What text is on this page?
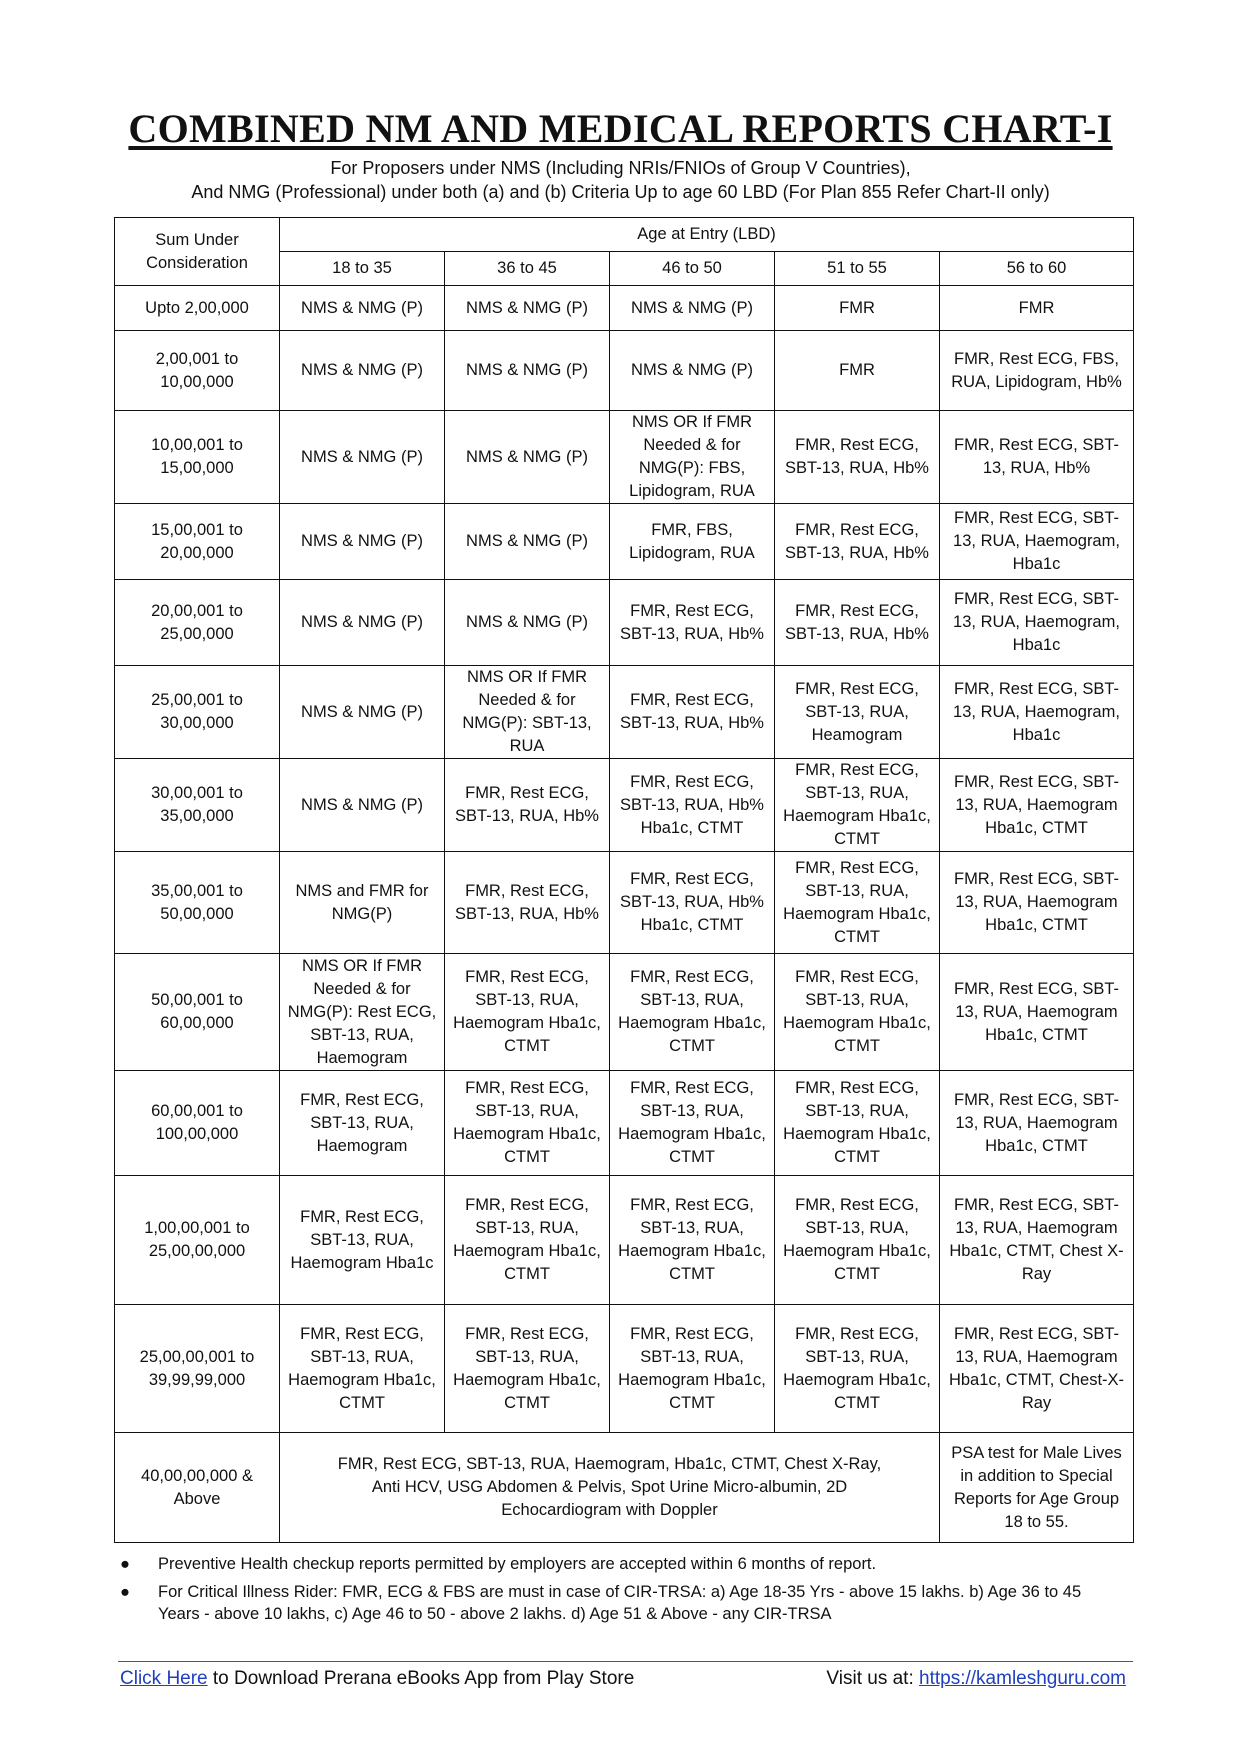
COMBINED NM AND MEDICAL REPORTS CHART-I
For Proposers under NMS (Including NRIs/FNIOs of Group V Countries),
And NMG (Professional) under both (a) and (b) Criteria Up to age 60 LBD (For Plan 855 Refer Chart-II only)
Sum Under Consideration	Age at Entry (LBD)				
	18 to 35	36 to 45	46 to 50	51 to 55	56 to 60
Upto 2,00,000	NMS & NMG (P)	NMS & NMG (P)	NMS & NMG (P)	FMR	FMR
2,00,001 to 10,00,000	NMS & NMG (P)	NMS & NMG (P)	NMS & NMG (P)	FMR	FMR, Rest ECG, FBS, RUA, Lipidogram, Hb%
10,00,001 to 15,00,000	NMS & NMG (P)	NMS & NMG (P)	NMS OR If FMR Needed & for NMG(P): FBS, Lipidogram, RUA	FMR, Rest ECG, SBT-13, RUA, Hb%	FMR, Rest ECG, SBT-13, RUA, Hb%
15,00,001 to 20,00,000	NMS & NMG (P)	NMS & NMG (P)	FMR, FBS, Lipidogram, RUA	FMR, Rest ECG, SBT-13, RUA, Hb%	FMR, Rest ECG, SBT-13, RUA, Haemogram, Hba1c
20,00,001 to 25,00,000	NMS & NMG (P)	NMS & NMG (P)	FMR, Rest ECG, SBT-13, RUA, Hb%	FMR, Rest ECG, SBT-13, RUA, Hb%	FMR, Rest ECG, SBT-13, RUA, Haemogram, Hba1c
25,00,001 to 30,00,000	NMS & NMG (P)	NMS OR If FMR Needed & for NMG(P): SBT-13, RUA	FMR, Rest ECG, SBT-13, RUA, Hb%	FMR, Rest ECG, SBT-13, RUA, Heamogram	FMR, Rest ECG, SBT-13, RUA, Haemogram, Hba1c
30,00,001 to 35,00,000	NMS & NMG (P)	FMR, Rest ECG, SBT-13, RUA, Hb%	FMR, Rest ECG, SBT-13, RUA, Hb% Hba1c, CTMT	FMR, Rest ECG, SBT-13, RUA, Haemogram Hba1c, CTMT	FMR, Rest ECG, SBT-13, RUA, Haemogram Hba1c, CTMT
35,00,001 to 50,00,000	NMS and FMR for NMG(P)	FMR, Rest ECG, SBT-13, RUA, Hb%	FMR, Rest ECG, SBT-13, RUA, Hb% Hba1c, CTMT	FMR, Rest ECG, SBT-13, RUA, Haemogram Hba1c, CTMT	FMR, Rest ECG, SBT-13, RUA, Haemogram Hba1c, CTMT
50,00,001 to 60,00,000	NMS OR If FMR Needed & for NMG(P): Rest ECG, SBT-13, RUA, Haemogram	FMR, Rest ECG, SBT-13, RUA, Haemogram Hba1c, CTMT	FMR, Rest ECG, SBT-13, RUA, Haemogram Hba1c, CTMT	FMR, Rest ECG, SBT-13, RUA, Haemogram Hba1c, CTMT	FMR, Rest ECG, SBT-13, RUA, Haemogram Hba1c, CTMT
60,00,001 to 100,00,000	FMR, Rest ECG, SBT-13, RUA, Haemogram	FMR, Rest ECG, SBT-13, RUA, Haemogram Hba1c, CTMT	FMR, Rest ECG, SBT-13, RUA, Haemogram Hba1c, CTMT	FMR, Rest ECG, SBT-13, RUA, Haemogram Hba1c, CTMT	FMR, Rest ECG, SBT-13, RUA, Haemogram Hba1c, CTMT
1,00,00,001 to 25,00,00,000	FMR, Rest ECG, SBT-13, RUA, Haemogram Hba1c	FMR, Rest ECG, SBT-13, RUA, Haemogram Hba1c, CTMT	FMR, Rest ECG, SBT-13, RUA, Haemogram Hba1c, CTMT	FMR, Rest ECG, SBT-13, RUA, Haemogram Hba1c, CTMT	FMR, Rest ECG, SBT-13, RUA, Haemogram Hba1c, CTMT, Chest X-Ray
25,00,00,001 to 39,99,99,000	FMR, Rest ECG, SBT-13, RUA, Haemogram Hba1c, CTMT	FMR, Rest ECG, SBT-13, RUA, Haemogram Hba1c, CTMT	FMR, Rest ECG, SBT-13, RUA, Haemogram Hba1c, CTMT	FMR, Rest ECG, SBT-13, RUA, Haemogram Hba1c, CTMT	FMR, Rest ECG, SBT-13, RUA, Haemogram Hba1c, CTMT, Chest-X-Ray
40,00,00,000 & Above	FMR, Rest ECG, SBT-13, RUA, Haemogram, Hba1c, CTMT, Chest X-Ray, Anti HCV, USG Abdomen & Pelvis, Spot Urine Micro-albumin, 2D Echocardiogram with Doppler				PSA test for Male Lives in addition to Special Reports for Age Group 18 to 55.
● Preventive Health checkup reports permitted by employers are accepted within 6 months of report.
● For Critical Illness Rider: FMR, ECG & FBS are must in case of CIR-TRSA: a) Age 18-35 Yrs - above 15 lakhs. b) Age 36 to 45 Years - above 10 lakhs, c) Age 46 to 50 - above 2 lakhs. d) Age 51 & Above - any CIR-TRSA
Click Here to Download Prerana eBooks App from Play Store	Visit us at: https://kamleshguru.com
